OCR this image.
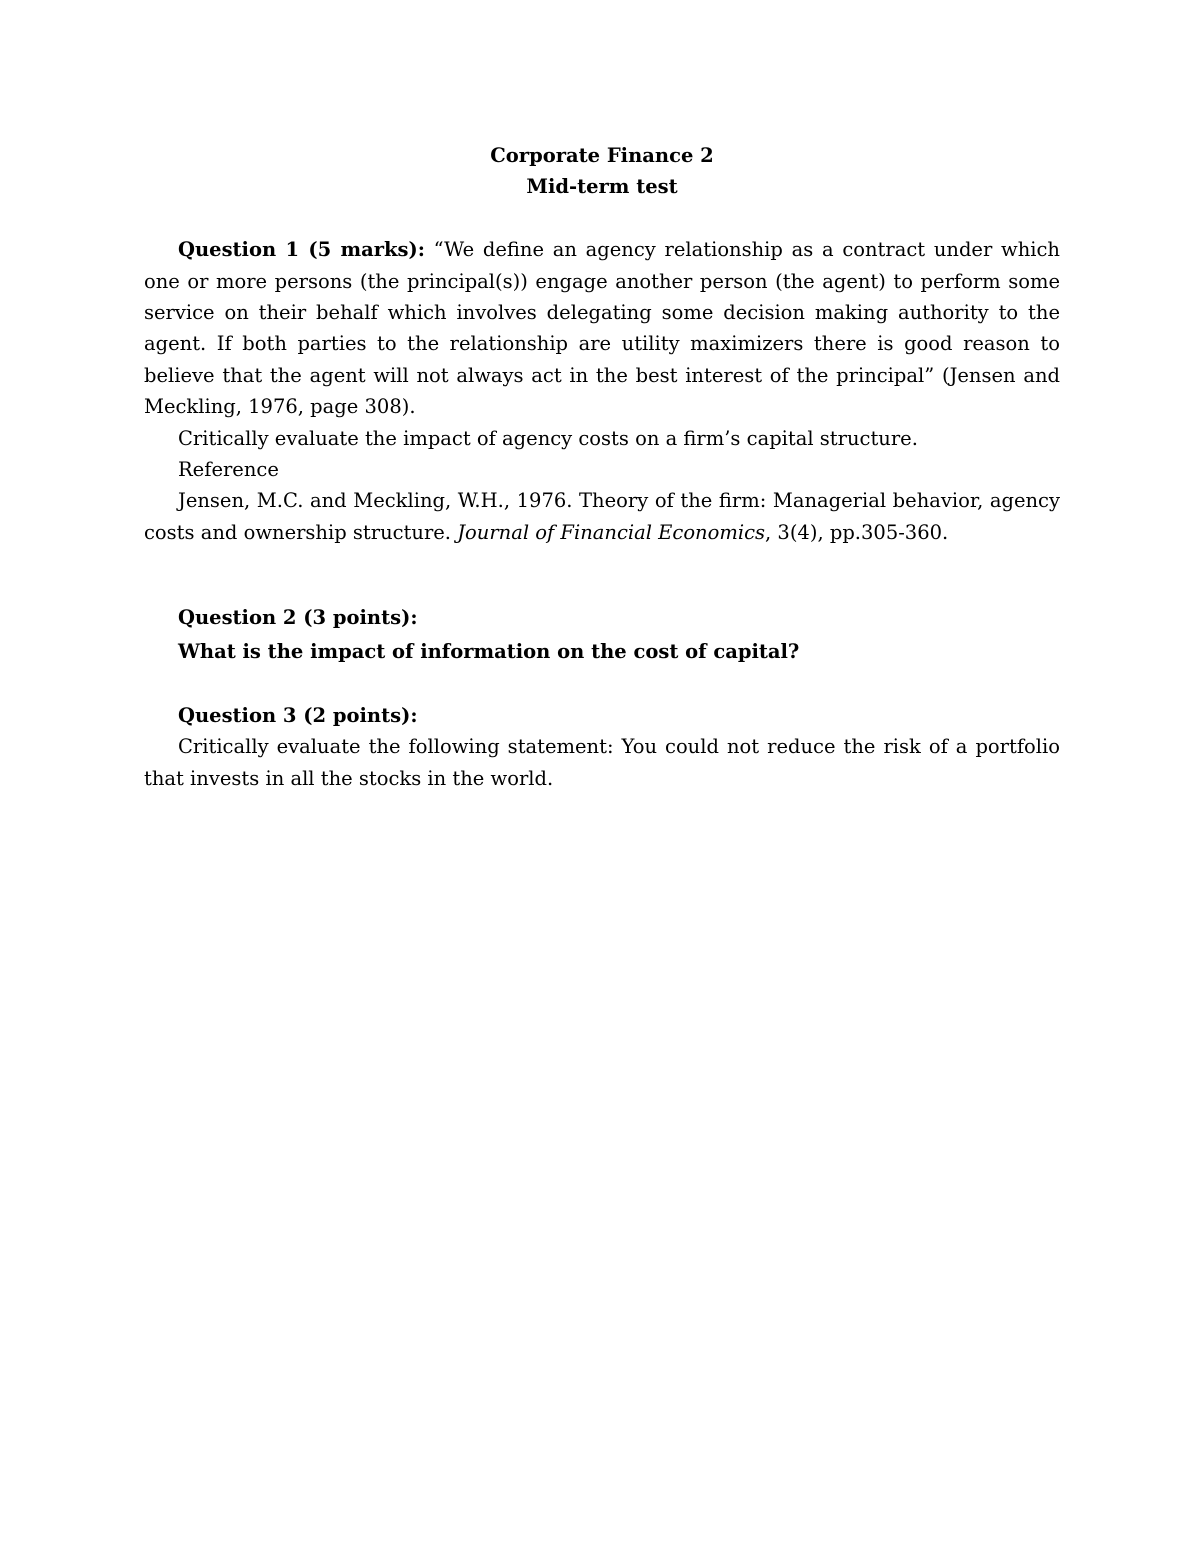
Corporate Finance 2

Mid-term test

Question 1 (5 marks): “We define an agency relationship as a contract under which one or more persons (the principal(s)) engage another person (the agent) to perform some service on their behalf which involves delegating some decision making authority to the agent. If both parties to the relationship are utility maximizers there is good reason to believe that the agent will not always act in the best interest of the principal” (Jensen and Meckling, 1976, page 308).

Critically evaluate the impact of agency costs on a firm’s capital structure.

Reference

Jensen, M.C. and Meckling, W.H., 1976. Theory of the firm: Managerial behavior, agency costs and ownership structure. Journal of Financial Economics, 3(4), pp.305-360.

Question 2 (3 points):

What is the impact of information on the cost of capital?

Question 3 (2 points):

Critically evaluate the following statement: You could not reduce the risk of a portfolio that invests in all the stocks in the world.
